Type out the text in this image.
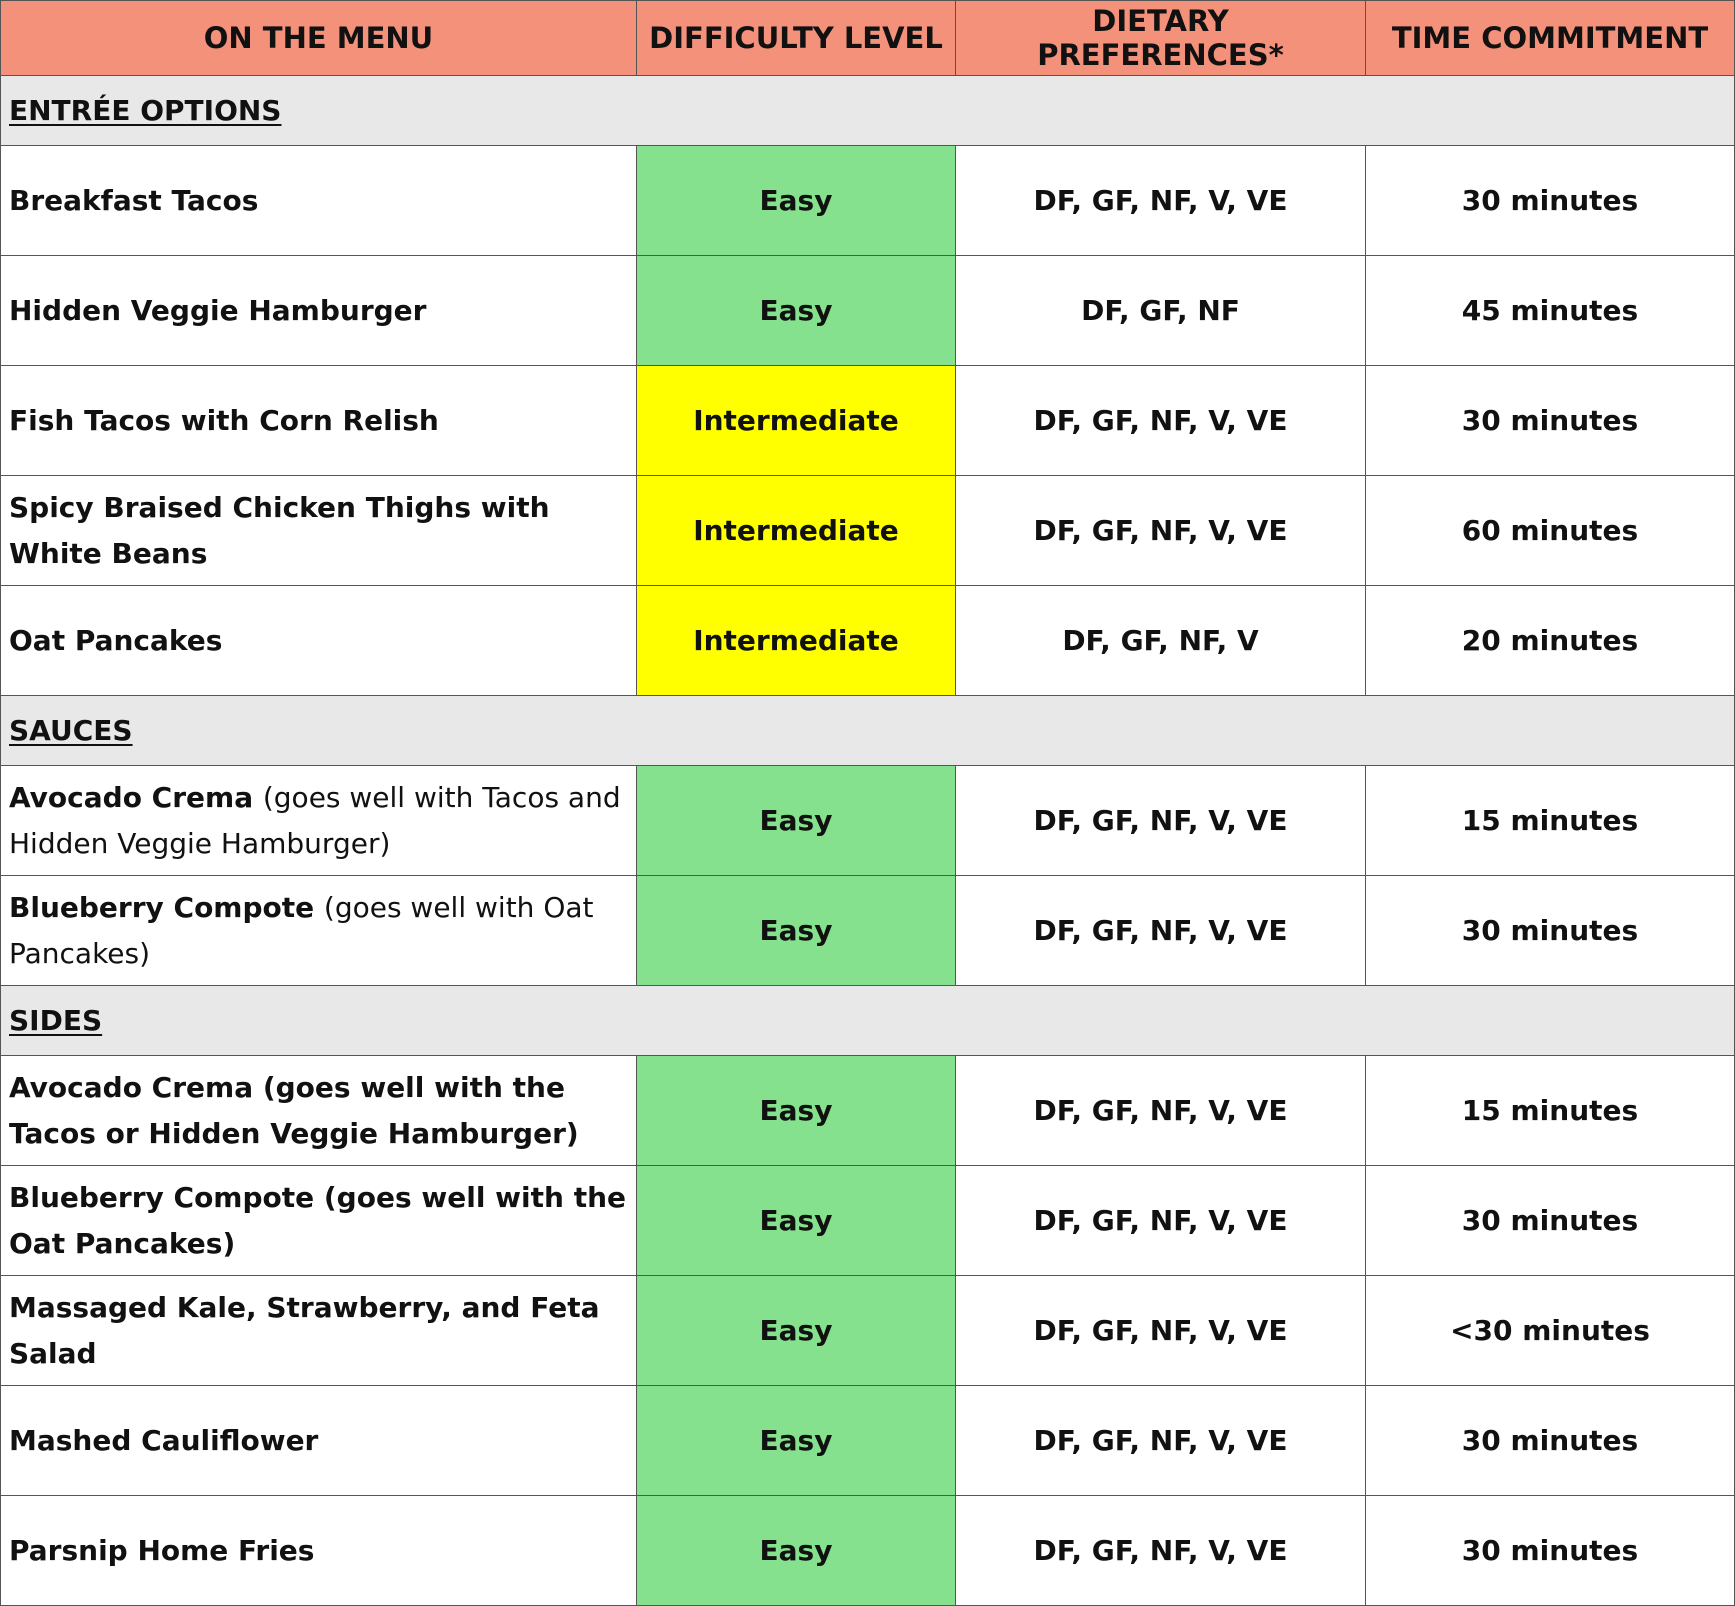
ON THE MENU	DIFFICULTY LEVEL	DIETARY PREFERENCES*	TIME COMMITMENT
ENTRÉE OPTIONS			
Breakfast Tacos	Easy	DF, GF, NF, V, VE	30 minutes
Hidden Veggie Hamburger	Easy	DF, GF, NF	45 minutes
Fish Tacos with Corn Relish	Intermediate	DF, GF, NF, V, VE	30 minutes
Spicy Braised Chicken Thighs with White Beans	Intermediate	DF, GF, NF, V, VE	60 minutes
Oat Pancakes	Intermediate	DF, GF, NF, V	20 minutes
SAUCES			
Avocado Crema (goes well with Tacos and Hidden Veggie Hamburger)	Easy	DF, GF, NF, V, VE	15 minutes
Blueberry Compote (goes well with Oat Pancakes)	Easy	DF, GF, NF, V, VE	30 minutes
SIDES			
Avocado Crema (goes well with the Tacos or Hidden Veggie Hamburger)	Easy	DF, GF, NF, V, VE	15 minutes
Blueberry Compote (goes well with the Oat Pancakes)	Easy	DF, GF, NF, V, VE	30 minutes
Massaged Kale, Strawberry, and Feta Salad	Easy	DF, GF, NF, V, VE	<30 minutes
Mashed Cauliflower	Easy	DF, GF, NF, V, VE	30 minutes
Parsnip Home Fries	Easy	DF, GF, NF, V, VE	30 minutes
